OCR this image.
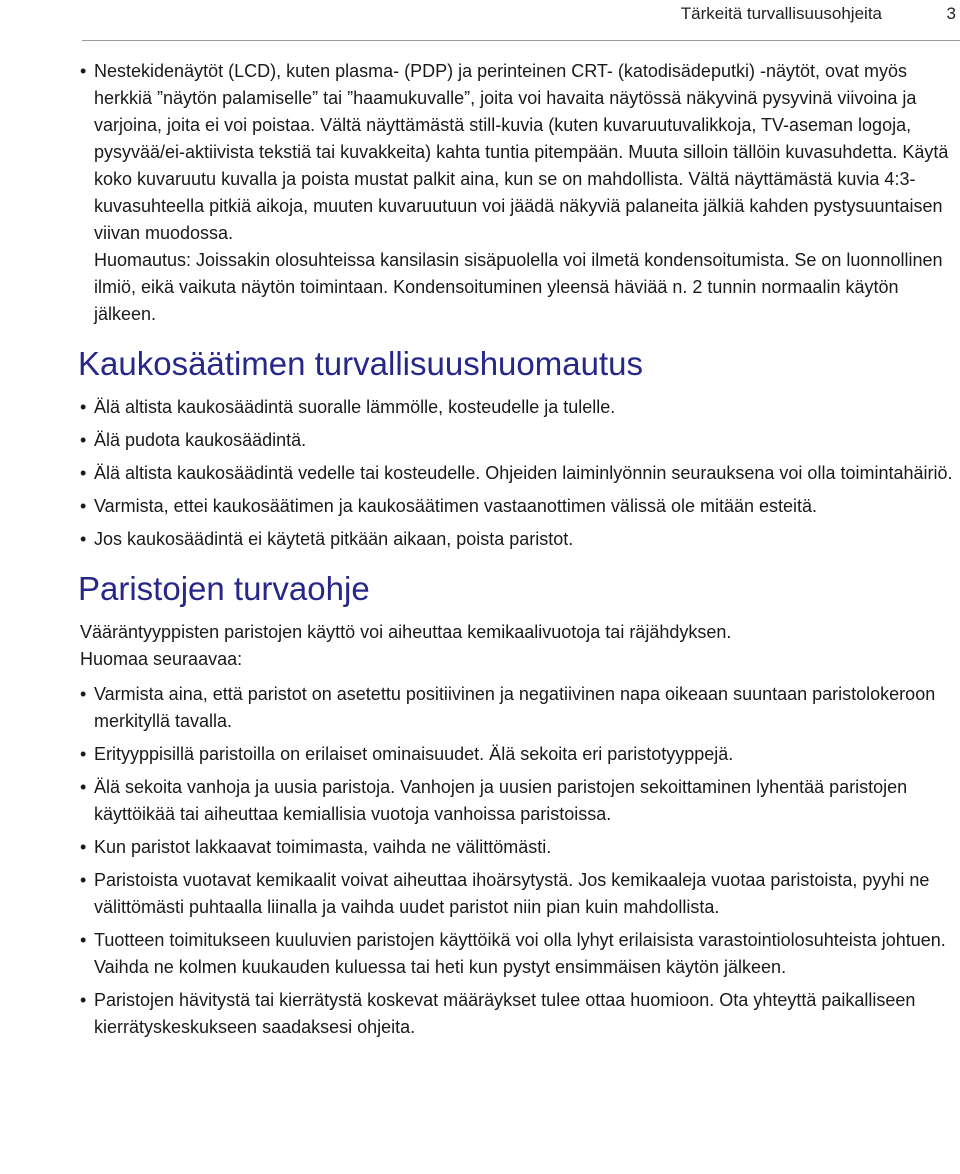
Tärkeitä turvallisuusohjeita	3
• Nestekidenäytöt (LCD), kuten plasma- (PDP) ja perinteinen CRT- (katodisädeputki) -näytöt, ovat myös herkkiä ”näytön palamiselle” tai ”haamukuvalle”, joita voi havaita näytössä näkyvinä pysyvinä viivoina ja varjoina, joita ei voi poistaa. Vältä näyttämästä still-kuvia (kuten kuvaruutuvalikkoja, TV-aseman logoja, pysyvää/ei-aktiivista tekstiä tai kuvakkeita) kahta tuntia pitempään. Muuta silloin tällöin kuvasuhdetta. Käytä koko kuvaruutu kuvalla ja poista mustat palkit aina, kun se on mahdollista. Vältä näyttämästä kuvia 4:3-kuvasuhteella pitkiä aikoja, muuten kuvaruutuun voi jäädä näkyviä palaneita jälkiä kahden pystysuuntaisen viivan muodossa.
Huomautus: Joissakin olosuhteissa kansilasin sisäpuolella voi ilmetä kondensoitumista. Se on luonnollinen ilmiö, eikä vaikuta näytön toimintaan. Kondensoituminen yleensä häviää n. 2 tunnin normaalin käytön jälkeen.
Kaukosäätimen turvallisuushuomautus
• Älä altista kaukosäädintä suoralle lämmölle, kosteudelle ja tulelle.
• Älä pudota kaukosäädintä.
• Älä altista kaukosäädintä vedelle tai kosteudelle. Ohjeiden laiminlyönnin seurauksena voi olla toimintahäiriö.
• Varmista, ettei kaukosäätimen ja kaukosäätimen vastaanottimen välissä ole mitään esteitä.
• Jos kaukosäädintä ei käytetä pitkään aikaan, poista paristot.
Paristojen turvaohje

Vääräntyyppisten paristojen käyttö voi aiheuttaa kemikaalivuotoja tai räjähdyksen.
Huomaa seuraavaa:

• Varmista aina, että paristot on asetettu positiivinen ja negatiivinen napa oikeaan suuntaan paristolokeroon merkityllä tavalla.
• Erityyppisillä paristoilla on erilaiset ominaisuudet. Älä sekoita eri paristotyyppejä.
• Älä sekoita vanhoja ja uusia paristoja. Vanhojen ja uusien paristojen sekoittaminen lyhentää paristojen käyttöikää tai aiheuttaa kemiallisia vuotoja vanhoissa paristoissa.
• Kun paristot lakkaavat toimimasta, vaihda ne välittömästi.
• Paristoista vuotavat kemikaalit voivat aiheuttaa ihoärsytystä. Jos kemikaaleja vuotaa paristoista, pyyhi ne välittömästi puhtaalla liinalla ja vaihda uudet paristot niin pian kuin mahdollista.
• Tuotteen toimitukseen kuuluvien paristojen käyttöikä voi olla lyhyt erilaisista varastointiolosuhteista johtuen. Vaihda ne kolmen kuukauden kuluessa tai heti kun pystyt ensimmäisen käytön jälkeen.
• Paristojen hävitystä tai kierrätystä koskevat määräykset tulee ottaa huomioon. Ota yhteyttä paikalliseen kierrätyskeskukseen saadaksesi ohjeita.
